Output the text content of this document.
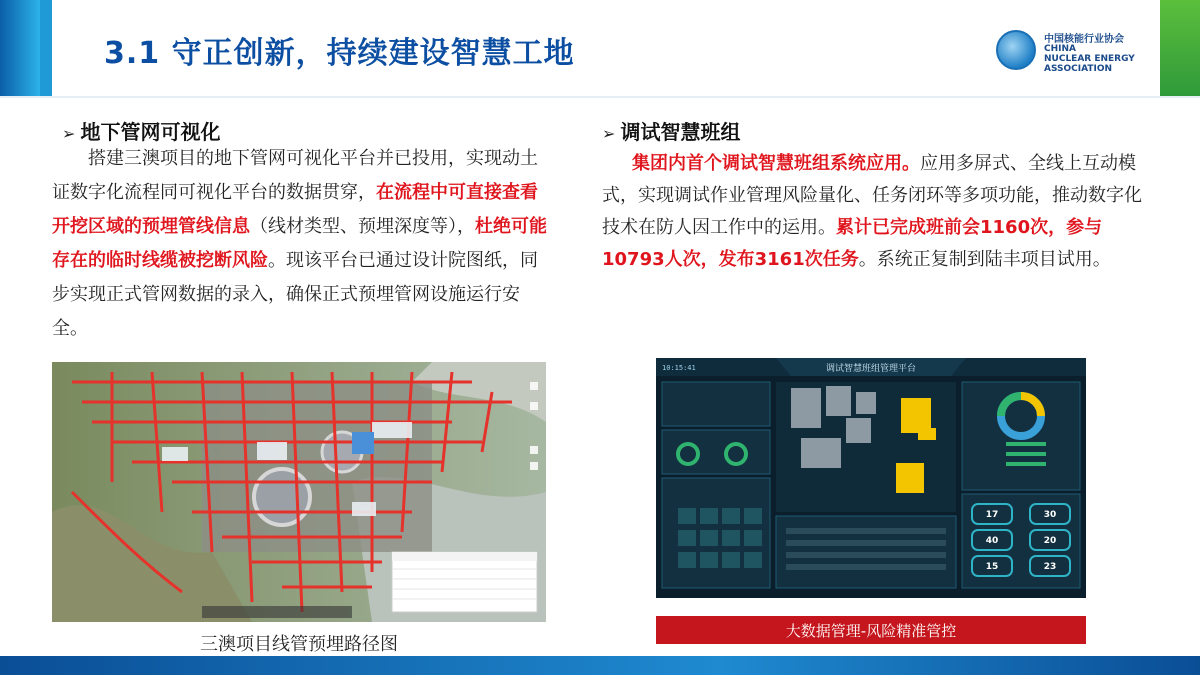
3.1 守正创新，持续建设智慧工地	中国核能行业协会
CHINA
NUCLEAR ENERGY
ASSOCIATION
➢ 地下管网可视化
搭建三澳项目的地下管网可视化平台并已投用，实现动土证数字化流程同可视化平台的数据贯穿，在流程中可直接查看开挖区域的预埋管线信息（线材类型、预埋深度等），杜绝可能存在的临时线缆被挖断风险。现该平台已通过设计院图纸，同步实现正式管网数据的录入，确保正式预埋管网设施运行安全。
三澳项目线管预埋路径图
➢ 调试智慧班组
集团内首个调试智慧班组系统应用。应用多屏式、全线上互动模式，实现调试作业管理风险量化、任务闭环等多项功能，推动数字化技术在防人因工作中的运用。累计已完成班前会1160次，参与10793人次，发布3161次任务。系统正复制到陆丰项目试用。
调试智慧班组管理平台
10:15:41
17	30
40	20
15	23
大数据管理-风险精准管控
